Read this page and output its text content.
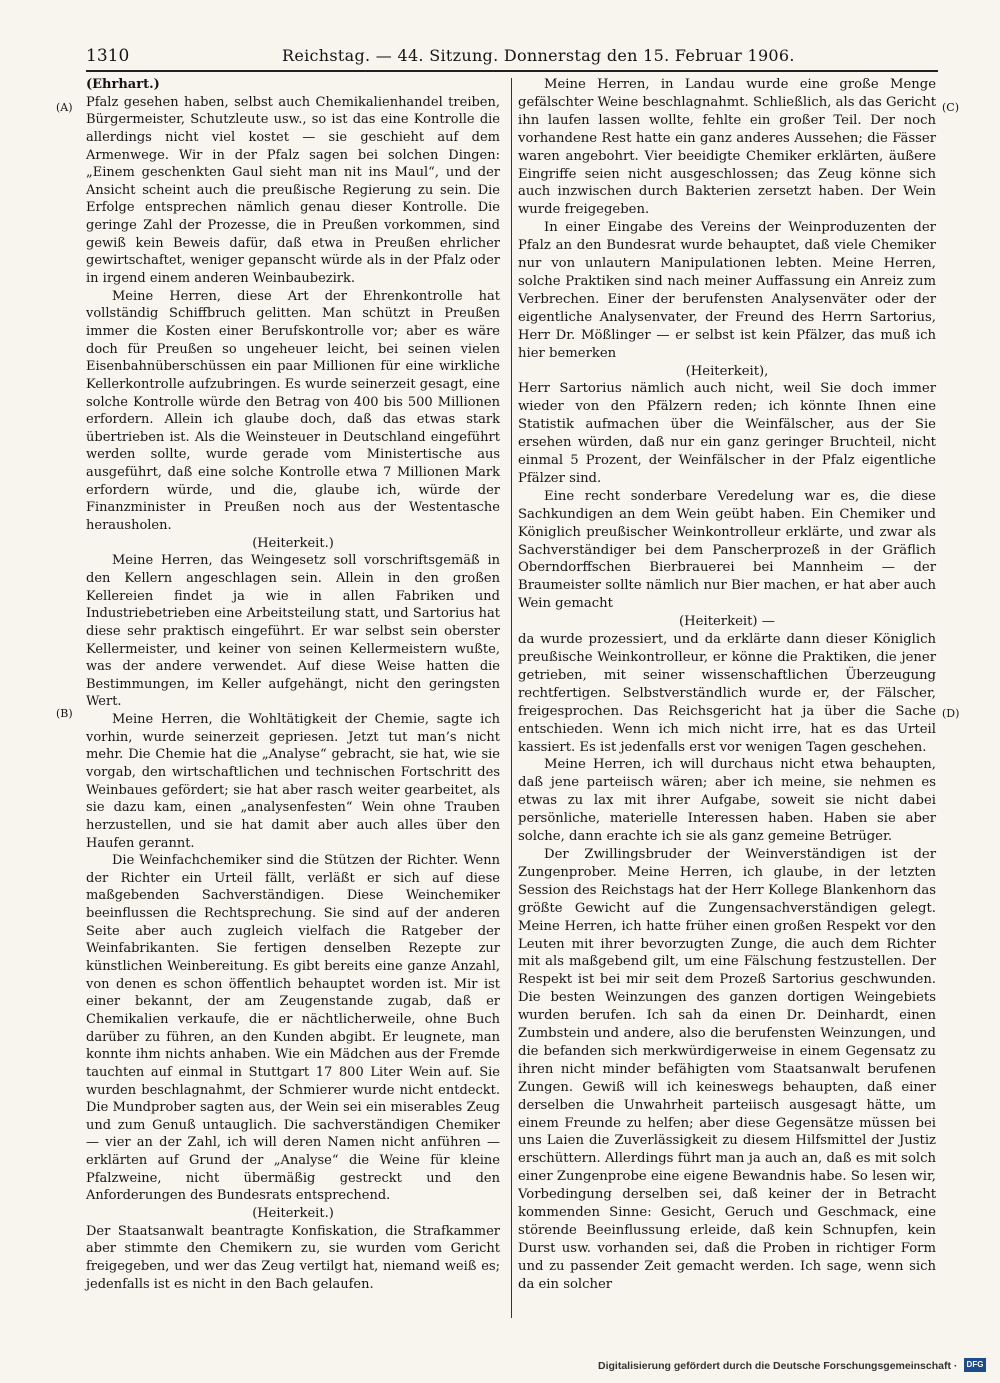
1310	Reichstag. — 44. Sitzung. Donnerstag den 15. Februar 1906.
(A)
(B)
(C)
(D)

(Ehrhart.)

Pfalz gesehen haben, selbst auch Chemikalienhandel treiben, Bürgermeister, Schutzleute usw., so ist das eine Kontrolle die allerdings nicht viel kostet — sie geschieht auf dem Armenwege. Wir in der Pfalz sagen bei solchen Dingen: „Einem geschenkten Gaul sieht man nit ins Maul“, und der Ansicht scheint auch die preußische Regierung zu sein. Die Erfolge entsprechen nämlich genau dieser Kontrolle. Die geringe Zahl der Prozesse, die in Preußen vorkommen, sind gewiß kein Beweis dafür, daß etwa in Preußen ehrlicher gewirtschaftet, weniger gepanscht würde als in der Pfalz oder in irgend einem anderen Weinbaubezirk.

Meine Herren, diese Art der Ehrenkontrolle hat vollständig Schiffbruch gelitten. Man schützt in Preußen immer die Kosten einer Berufskontrolle vor; aber es wäre doch für Preußen so ungeheuer leicht, bei seinen vielen Eisenbahnüberschüssen ein paar Millionen für eine wirkliche Kellerkontrolle aufzubringen. Es wurde seinerzeit gesagt, eine solche Kontrolle würde den Betrag von 400 bis 500 Millionen erfordern. Allein ich glaube doch, daß das etwas stark übertrieben ist. Als die Weinsteuer in Deutschland eingeführt werden sollte, wurde gerade vom Ministertische aus ausgeführt, daß eine solche Kontrolle etwa 7 Millionen Mark erfordern würde, und die, glaube ich, würde der Finanzminister in Preußen noch aus der Westentasche herausholen.

(Heiterkeit.)

Meine Herren, das Weingesetz soll vorschriftsgemäß in den Kellern angeschlagen sein. Allein in den großen Kellereien findet ja wie in allen Fabriken und Industriebetrieben eine Arbeitsteilung statt, und Sartorius hat diese sehr praktisch eingeführt. Er war selbst sein oberster Kellermeister, und keiner von seinen Kellermeistern wußte, was der andere verwendet. Auf diese Weise hatten die Bestimmungen, im Keller aufgehängt, nicht den geringsten Wert.

Meine Herren, die Wohltätigkeit der Chemie, sagte ich vorhin, wurde seinerzeit gepriesen. Jetzt tut man’s nicht mehr. Die Chemie hat die „Analyse“ gebracht, sie hat, wie sie vorgab, den wirtschaftlichen und technischen Fortschritt des Weinbaues gefördert; sie hat aber rasch weiter gearbeitet, als sie dazu kam, einen „analysenfesten“ Wein ohne Trauben herzustellen, und sie hat damit aber auch alles über den Haufen gerannt.

Die Weinfachchemiker sind die Stützen der Richter. Wenn der Richter ein Urteil fällt, verläßt er sich auf diese maßgebenden Sachverständigen. Diese Weinchemiker beeinflussen die Rechtsprechung. Sie sind auf der anderen Seite aber auch zugleich vielfach die Ratgeber der Weinfabrikanten. Sie fertigen denselben Rezepte zur künstlichen Weinbereitung. Es gibt bereits eine ganze Anzahl, von denen es schon öffentlich behauptet worden ist. Mir ist einer bekannt, der am Zeugenstande zugab, daß er Chemikalien verkaufe, die er nächtlicherweile, ohne Buch darüber zu führen, an den Kunden abgibt. Er leugnete, man konnte ihm nichts anhaben. Wie ein Mädchen aus der Fremde tauchten auf einmal in Stuttgart 17 800 Liter Wein auf. Sie wurden beschlagnahmt, der Schmierer wurde nicht entdeckt. Die Mundprober sagten aus, der Wein sei ein miserables Zeug und zum Genuß untauglich. Die sachverständigen Chemiker — vier an der Zahl, ich will deren Namen nicht anführen — erklärten auf Grund der „Analyse“ die Weine für kleine Pfalzweine, nicht übermäßig gestreckt und den Anforderungen des Bundesrats entsprechend.

(Heiterkeit.)

Der Staatsanwalt beantragte Konfiskation, die Strafkammer aber stimmte den Chemikern zu, sie wurden vom Gericht freigegeben, und wer das Zeug vertilgt hat, niemand weiß es; jedenfalls ist es nicht in den Bach gelaufen.

Meine Herren, in Landau wurde eine große Menge gefälschter Weine beschlagnahmt. Schließlich, als das Gericht ihn laufen lassen wollte, fehlte ein großer Teil. Der noch vorhandene Rest hatte ein ganz anderes Aussehen; die Fässer waren angebohrt. Vier beeidigte Chemiker erklärten, äußere Eingriffe seien nicht ausgeschlossen; das Zeug könne sich auch inzwischen durch Bakterien zersetzt haben. Der Wein wurde freigegeben.

In einer Eingabe des Vereins der Weinproduzenten der Pfalz an den Bundesrat wurde behauptet, daß viele Chemiker nur von unlautern Manipulationen lebten. Meine Herren, solche Praktiken sind nach meiner Auffassung ein Anreiz zum Verbrechen. Einer der berufensten Analysenväter oder der eigentliche Analysenvater, der Freund des Herrn Sartorius, Herr Dr. Mößlinger — er selbst ist kein Pfälzer, das muß ich hier bemerken

(Heiterkeit),

Herr Sartorius nämlich auch nicht, weil Sie doch immer wieder von den Pfälzern reden; ich könnte Ihnen eine Statistik aufmachen über die Weinfälscher, aus der Sie ersehen würden, daß nur ein ganz geringer Bruchteil, nicht einmal 5 Prozent, der Weinfälscher in der Pfalz eigentliche Pfälzer sind.

Eine recht sonderbare Veredelung war es, die diese Sachkundigen an dem Wein geübt haben. Ein Chemiker und Königlich preußischer Weinkontrolleur erklärte, und zwar als Sachverständiger bei dem Panscherprozeß in der Gräflich Oberndorffschen Bierbrauerei bei Mannheim — der Braumeister sollte nämlich nur Bier machen, er hat aber auch Wein gemacht

(Heiterkeit) —

da wurde prozessiert, und da erklärte dann dieser Königlich preußische Weinkontrolleur, er könne die Praktiken, die jener getrieben, mit seiner wissenschaftlichen Überzeugung rechtfertigen. Selbstverständlich wurde er, der Fälscher, freigesprochen. Das Reichsgericht hat ja über die Sache entschieden. Wenn ich mich nicht irre, hat es das Urteil kassiert. Es ist jedenfalls erst vor wenigen Tagen geschehen.

Meine Herren, ich will durchaus nicht etwa behaupten, daß jene parteiisch wären; aber ich meine, sie nehmen es etwas zu lax mit ihrer Aufgabe, soweit sie nicht dabei persönliche, materielle Interessen haben. Haben sie aber solche, dann erachte ich sie als ganz gemeine Betrüger.

Der Zwillingsbruder der Weinverständigen ist der Zungenprober. Meine Herren, ich glaube, in der letzten Session des Reichstags hat der Herr Kollege Blankenhorn das größte Gewicht auf die Zungensachverständigen gelegt. Meine Herren, ich hatte früher einen großen Respekt vor den Leuten mit ihrer bevorzugten Zunge, die auch dem Richter mit als maßgebend gilt, um eine Fälschung festzustellen. Der Respekt ist bei mir seit dem Prozeß Sartorius geschwunden. Die besten Weinzungen des ganzen dortigen Weingebiets wurden berufen. Ich sah da einen Dr. Deinhardt, einen Zumbstein und andere, also die berufensten Weinzungen, und die befanden sich merkwürdigerweise in einem Gegensatz zu ihren nicht minder befähigten vom Staatsanwalt berufenen Zungen. Gewiß will ich keineswegs behaupten, daß einer derselben die Unwahrheit parteiisch ausgesagt hätte, um einem Freunde zu helfen; aber diese Gegensätze müssen bei uns Laien die Zuverlässigkeit zu diesem Hilfsmittel der Justiz erschüttern. Allerdings führt man ja auch an, daß es mit solch einer Zungenprobe eine eigene Bewandnis habe. So lesen wir, Vorbedingung derselben sei, daß keiner der in Betracht kommenden Sinne: Gesicht, Geruch und Geschmack, eine störende Beeinflussung erleide, daß kein Schnupfen, kein Durst usw. vorhanden sei, daß die Proben in richtiger Form und zu passender Zeit gemacht werden. Ich sage, wenn sich da ein solcher

Digitalisierung gefördert durch die Deutsche Forschungsgemeinschaft ·	DFG
